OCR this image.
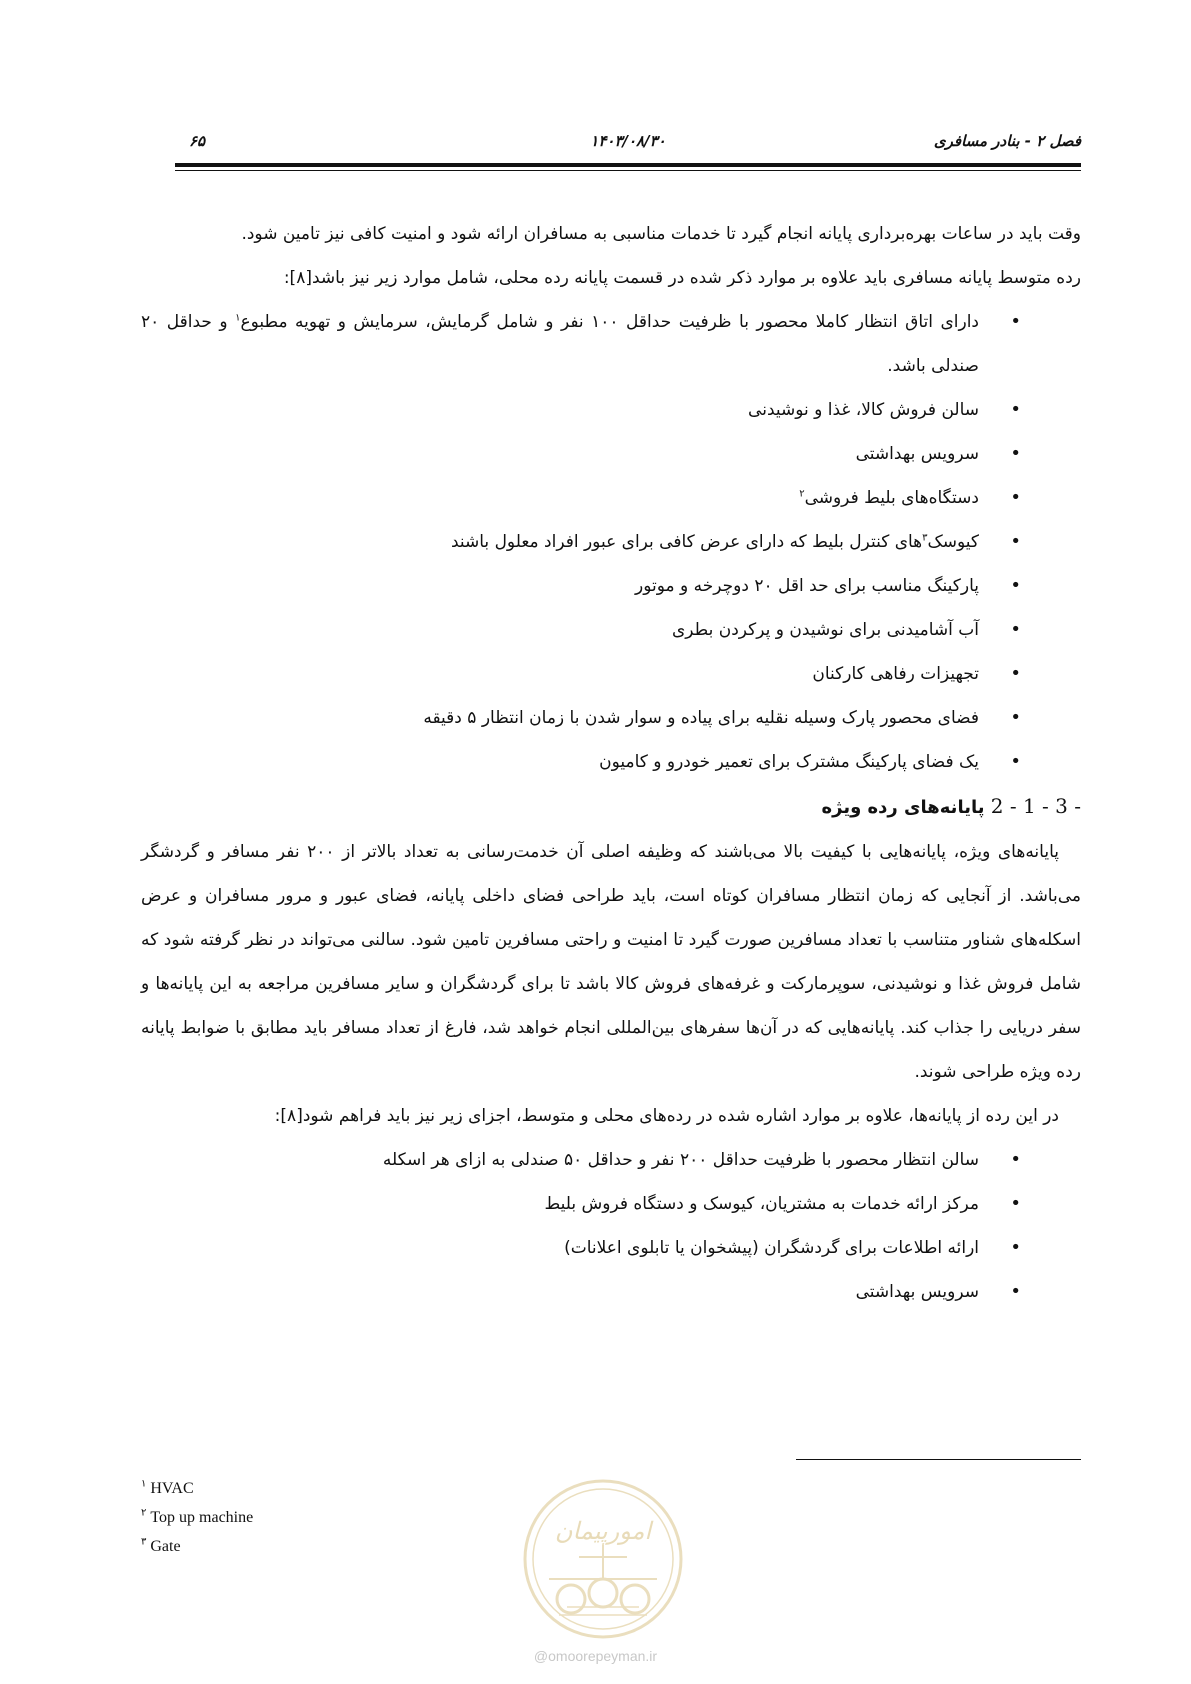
فصل ۲ - بنادر مسافری
۱۴۰۳/۰۸/۳۰
۶۵

وقت باید در ساعات بهره‌برداری پایانه انجام گیرد تا خدمات مناسبی به مسافران ارائه شود و امنیت کافی نیز تامین شود.

رده متوسط پایانه مسافری باید علاوه بر موارد ذکر شده در قسمت پایانه رده محلی، شامل موارد زیر نیز باشد[۸]:

دارای اتاق انتظار کاملا محصور با ظرفیت حداقل ۱۰۰ نفر و شامل گرمایش، سرمایش و تهویه مطبوع$^۱$ و حداقل ۲۰ صندلی باشد.
سالن فروش کالا، غذا و نوشیدنی
سرویس بهداشتی
دستگاه‌های بلیط فروشی$^۲$
کیوسک$^۳$های کنترل بلیط که دارای عرض کافی برای عبور افراد معلول باشند
پارکینگ مناسب برای حد اقل ۲۰ دوچرخه و موتور
آب آشامیدنی برای نوشیدن و پرکردن بطری
تجهیزات رفاهی کارکنان
فضای محصور پارک وسیله نقلیه برای پیاده و سوار شدن با زمان انتظار ۵ دقیقه
یک فضای پارکینگ مشترک برای تعمیر خودرو و کامیون

2 - 1 - 3 - پایانه‌های رده ویژه

پایانه‌های ویژه، پایانه‌هایی با کیفیت بالا می‌باشند که وظیفه اصلی آن خدمت‌رسانی به تعداد بالاتر از ۲۰۰ نفر مسافر و گردشگر می‌باشد. از آنجایی که زمان انتظار مسافران کوتاه است، باید طراحی فضای داخلی پایانه، فضای عبور و مرور مسافران و عرض اسکله‌های شناور متناسب با تعداد مسافرین صورت گیرد تا امنیت و راحتی مسافرین تامین شود. سالنی می‌تواند در نظر گرفته شود که شامل فروش غذا و نوشیدنی، سوپرمارکت و غرفه‌های فروش کالا باشد تا برای گردشگران و سایر مسافرین مراجعه به این پایانه‌ها و سفر دریایی را جذاب کند. پایانه‌هایی که در آن‌ها سفرهای بین‌المللی انجام خواهد شد، فارغ از تعداد مسافر باید مطابق با ضوابط پایانه رده ویژه طراحی شوند.

در این رده از پایانه‌ها، علاوه بر موارد اشاره شده در رده‌های محلی و متوسط، اجزای زیر نیز باید فراهم شود[۸]:

سالن انتظار محصور با ظرفیت حداقل ۲۰۰ نفر و حداقل ۵۰ صندلی به ازای هر اسکله
مرکز ارائه خدمات به مشتریان، کیوسک و دستگاه فروش بلیط
ارائه اطلاعات برای گردشگران (پیشخوان یا تابلوی اعلانات)
سرویس بهداشتی
$^۱$ HVAC
$^۲$ Top up machine
$^۳$ Gate
امورپیمان
@omoorepeyman.ir
